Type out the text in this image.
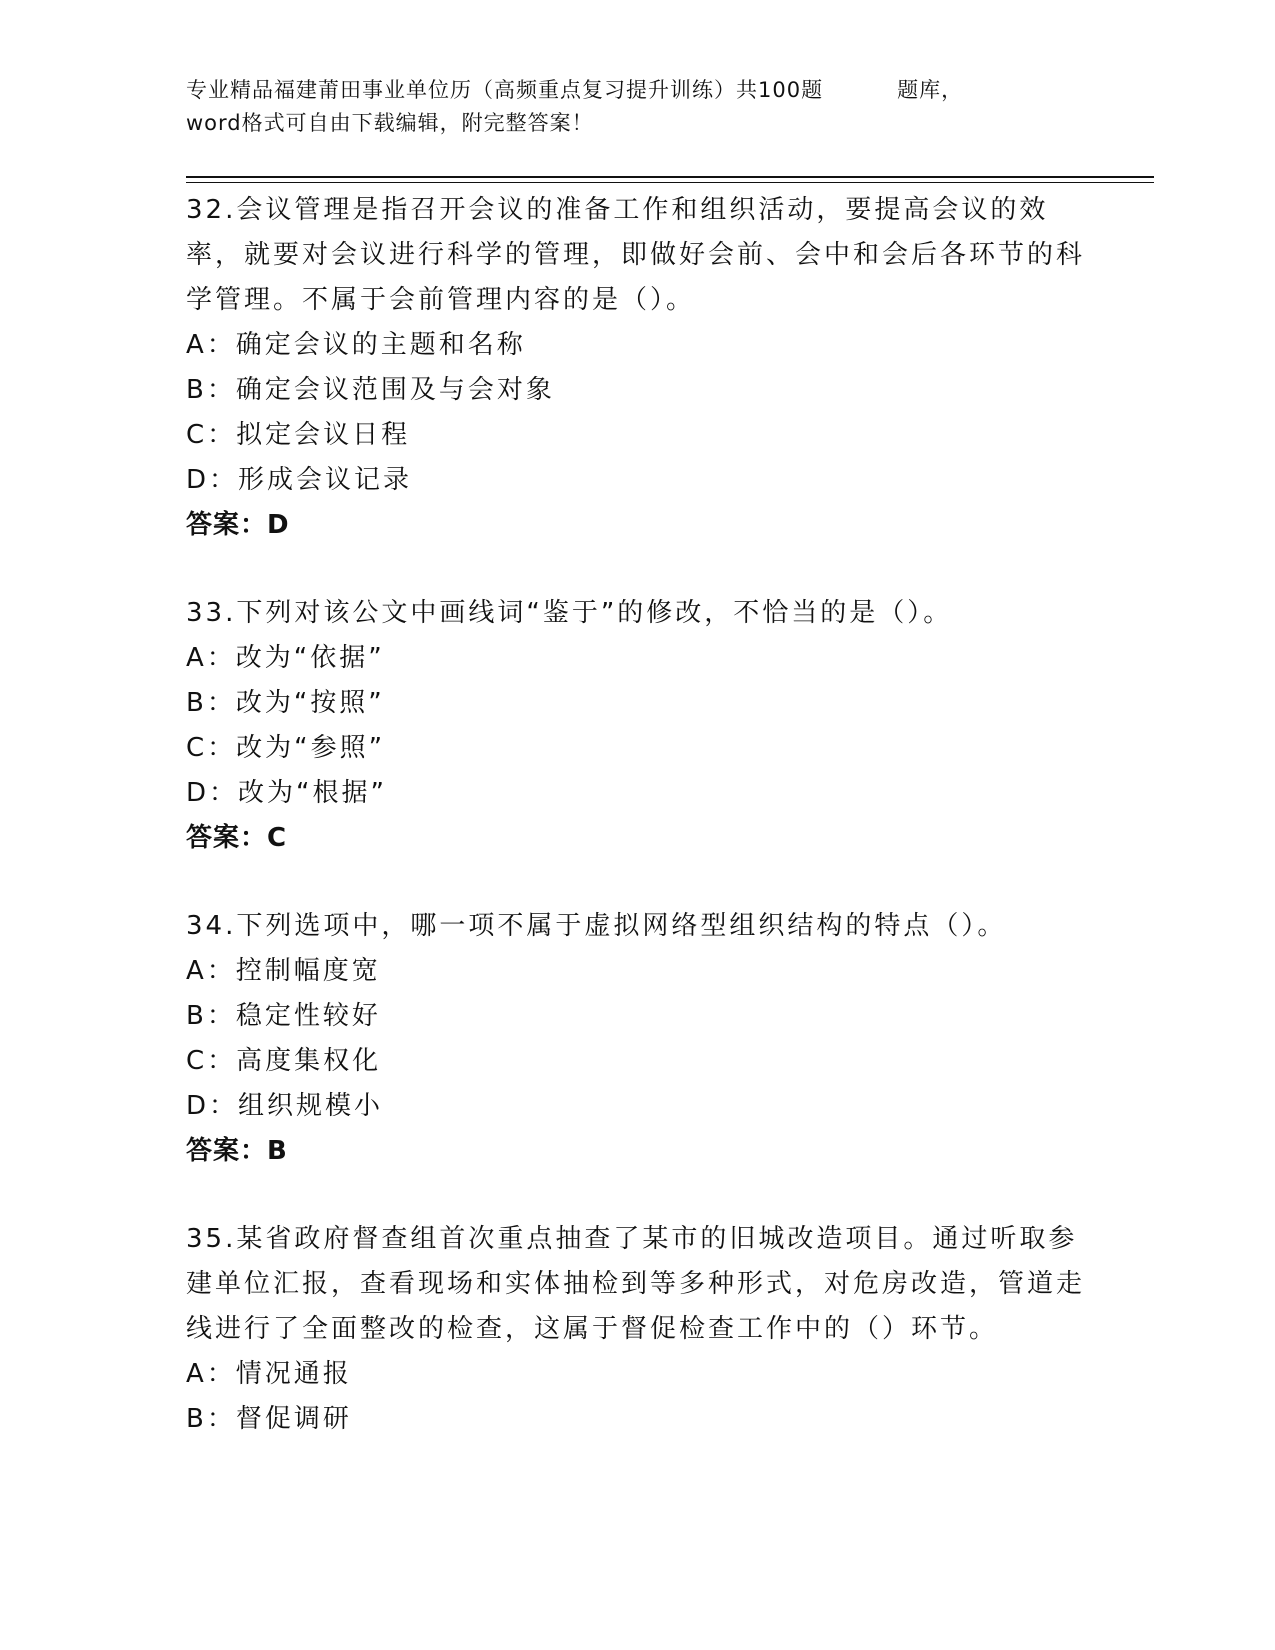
专业精品福建莆田事业单位历（高频重点复习提升训练）共100题	题库，
word格式可自由下载编辑，附完整答案！
32.会议管理是指召开会议的准备工作和组织活动，要提高会议的效率，就要对会议进行科学的管理，即做好会前、会中和会后各环节的科学管理。不属于会前管理内容的是（）。
A：确定会议的主题和名称
B：确定会议范围及与会对象
C：拟定会议日程
D：形成会议记录
答案：D
33.下列对该公文中画线词“鉴于”的修改，不恰当的是（）。
A：改为“依据”
B：改为“按照”
C：改为“参照”
D：改为“根据”
答案：C
34.下列选项中，哪一项不属于虚拟网络型组织结构的特点（）。
A：控制幅度宽
B：稳定性较好
C：高度集权化
D：组织规模小
答案：B
35.某省政府督查组首次重点抽查了某市的旧城改造项目。通过听取参建单位汇报，查看现场和实体抽检到等多种形式，对危房改造，管道走线进行了全面整改的检查，这属于督促检查工作中的（）环节。
A：情况通报
B：督促调研
